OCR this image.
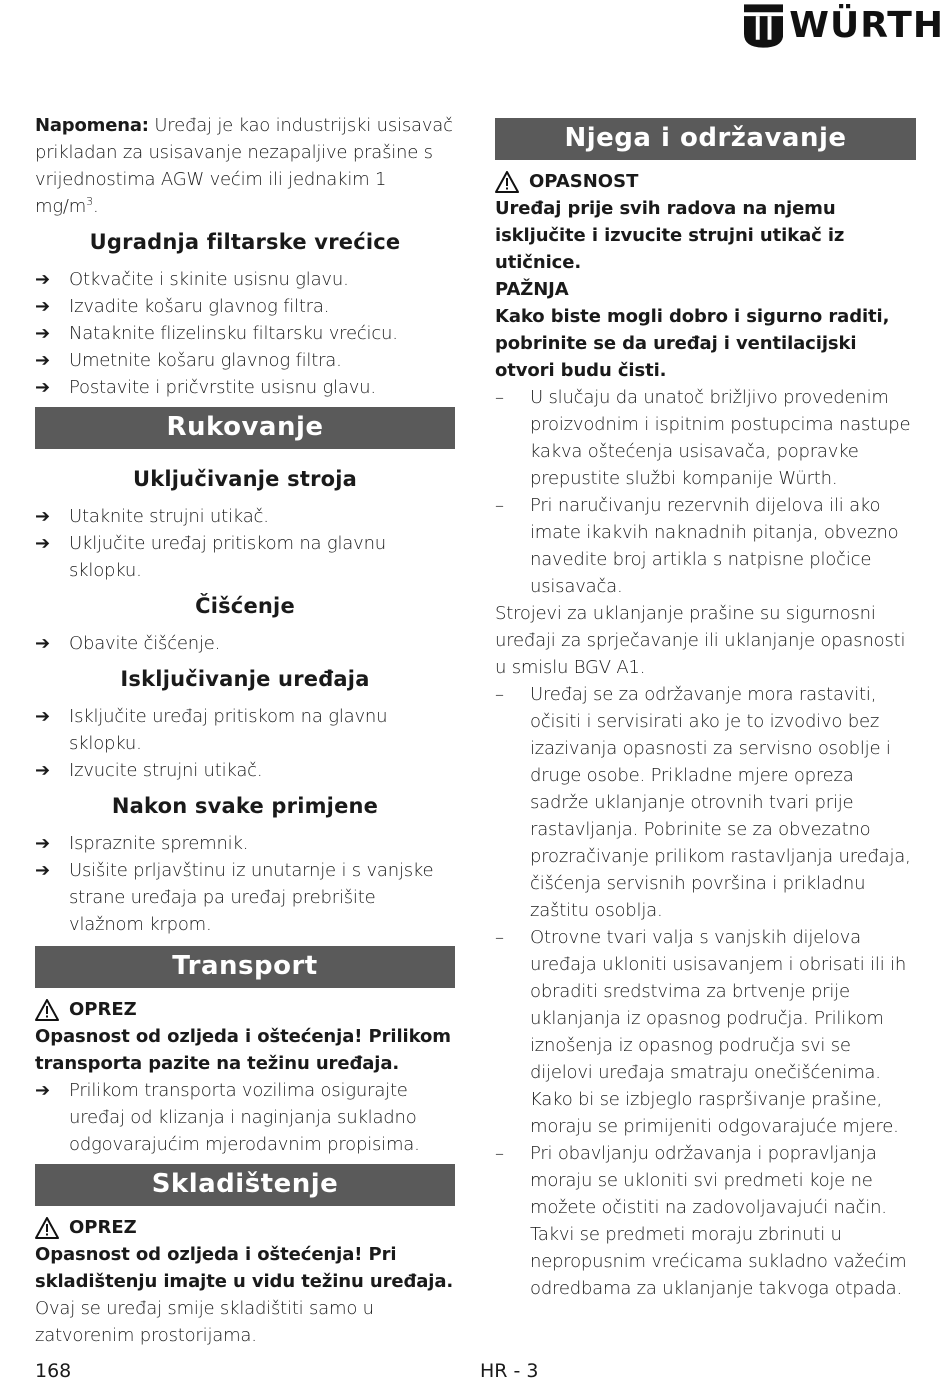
WÜRTH

Napomena: Uređaj je kao industrijski usisavač prikladan za usisavanje nezapaljive prašine s vrijednostima AGW većim ili jednakim 1 $mg/m^3$.

Ugradnja filtarske vrećice
➔ Otkvačite i skinite usisnu glavu.
➔ Izvadite košaru glavnog filtra.
➔ Nataknite flizelinsku filtarsku vrećicu.
➔ Umetnite košaru glavnog filtra.
➔ Postavite i pričvrstite usisnu glavu.
Rukovanje
Uključivanje stroja
➔ Utaknite strujni utikač.
➔ Uključite uređaj pritiskom na glavnu sklopku.
Čišćenje
➔ Obavite čišćenje.
Isključivanje uređaja
➔ Isključite uređaj pritiskom na glavnu sklopku.
➔ Izvucite strujni utikač.
Nakon svake primjene
➔ Ispraznite spremnik.
➔ Usišite prljavštinu iz unutarnje i s vanjske strane uređaja pa uređaj prebrišite vlažnom krpom.
Transport
OPREZ

Opasnost od ozljeda i oštećenja! Prilikom transporta pazite na težinu uređaja.

➔ Prilikom transporta vozilima osigurajte uređaj od klizanja i naginjanja sukladno odgovarajućim mjerodavnim propisima.
Skladištenje
OPREZ

Opasnost od ozljeda i oštećenja! Pri skladištenju imajte u vidu težinu uređaja.

Ovaj se uređaj smije skladištiti samo u zatvorenim prostorijama.

Njega i održavanje
OPASNOST

Uređaj prije svih radova na njemu isključite i izvucite strujni utikač iz utičnice.

PAŽNJA

Kako biste mogli dobro i sigurno raditi, pobrinite se da uređaj i ventilacijski otvori budu čisti.

– U slučaju da unatoč brižljivo provedenim proizvodnim i ispitnim postupcima nastupe kakva oštećenja usisavača, popravke prepustite službi kompanije Würth.
– Pri naručivanju rezervnih dijelova ili ako imate ikakvih naknadnih pitanja, obvezno navedite broj artikla s natpisne pločice usisavača.

Strojevi za uklanjanje prašine su sigurnosni uređaji za sprječavanje ili uklanjanje opasnosti u smislu BGV A1.

– Uređaj se za održavanje mora rastaviti, očisiti i servisirati ako je to izvodivo bez izazivanja opasnosti za servisno osoblje i druge osobe. Prikladne mjere opreza sadrže uklanjanje otrovnih tvari prije rastavljanja. Pobrinite se za obvezatno prozračivanje prilikom rastavljanja uređaja, čišćenja servisnih površina i prikladnu zaštitu osoblja.
– Otrovne tvari valja s vanjskih dijelova uređaja ukloniti usisavanjem i obrisati ili ih obraditi sredstvima za brtvenje prije uklanjanja iz opasnog područja. Prilikom iznošenja iz opasnog područja svi se dijelovi uređaja smatraju onečišćenima. Kako bi se izbjeglo raspršivanje prašine, moraju se primijeniti odgovarajuće mjere.
– Pri obavljanju održavanja i popravljanja moraju se ukloniti svi predmeti koje ne možete očistiti na zadovoljavajući način. Takvi se predmeti moraju zbrinuti u nepropusnim vrećicama sukladno važećim odredbama za uklanjanje takvoga otpada.
168	HR - 3
